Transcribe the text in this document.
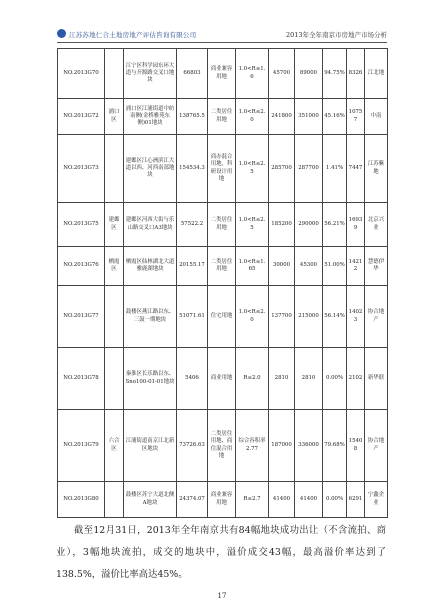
江苏苏地仁合土地房地产评估咨询有限公司	2013年全年南京市房地产市场分析
NO.2013G70		江宁区科学园东环大道与开源路交叉口地块	66803	商业兼容用地	1.0<R≤1.6	45700	89000	94.75%	8326	江北地
NO.2013G72	浦口区	浦口区江浦街道中纺南侧(金桥雅苑东侧)01地块	138765.5	二类居住用地	1.0<R≤2.0	241800	351000	45.16%	10757	中南
NO.2013G73		建邺区江心洲滨江大道以西、河西南部地块	154534.3	商办混合用地，科研设计用地	1.0<R≤2.5	285700	287700	1.41%	7447	江苏紫地
NO.2013G75	建邺区	建邺区河西大街与乐山路交叉口A3地块	57522.2	二类居住用地	1.0<R≤2.5	185200	290000	56.21%	16939	北京兴业
NO.2013G76	栖霞区	栖霞区仙林湖北大道雅鹿湖地块	20155.17	二类居住用地	1.0<R≤1.65	30000	45300	51.00%	14212	慧德伊华
NO.2013G77		鼓楼区燕江路以东、三鼓一期地块	51071.61	住宅用地	1.0<R≤2.0	137700	215000	56.14%	14023	协合地产
NO.2013G78		秦淮区长乐路以东、Sno100-01-01地块	5406	商业用地	R≤2.0	2810	2810	0.00%	2102	新华联
NO.2013G79	六合区	江浦街道南京江北新区地块	73726.63	二类居住用地、商住混合用地	综合容积率2.77	187000	336000	79.68%	15408	协合地产
NO.2013G80		鼓楼区苏宁大道北侧A地块	24374.07	商业兼容用地	R≤2.7	41400	41400	0.00%	6291	宁鑫企业

截至12月31日，2013年全年南京共有84幅地块成功出让（不含流拍、商业），3幅地块流拍，成交的地块中，溢价成交43幅，最高溢价率达到了138.5%，溢价比率高达45%。

17
